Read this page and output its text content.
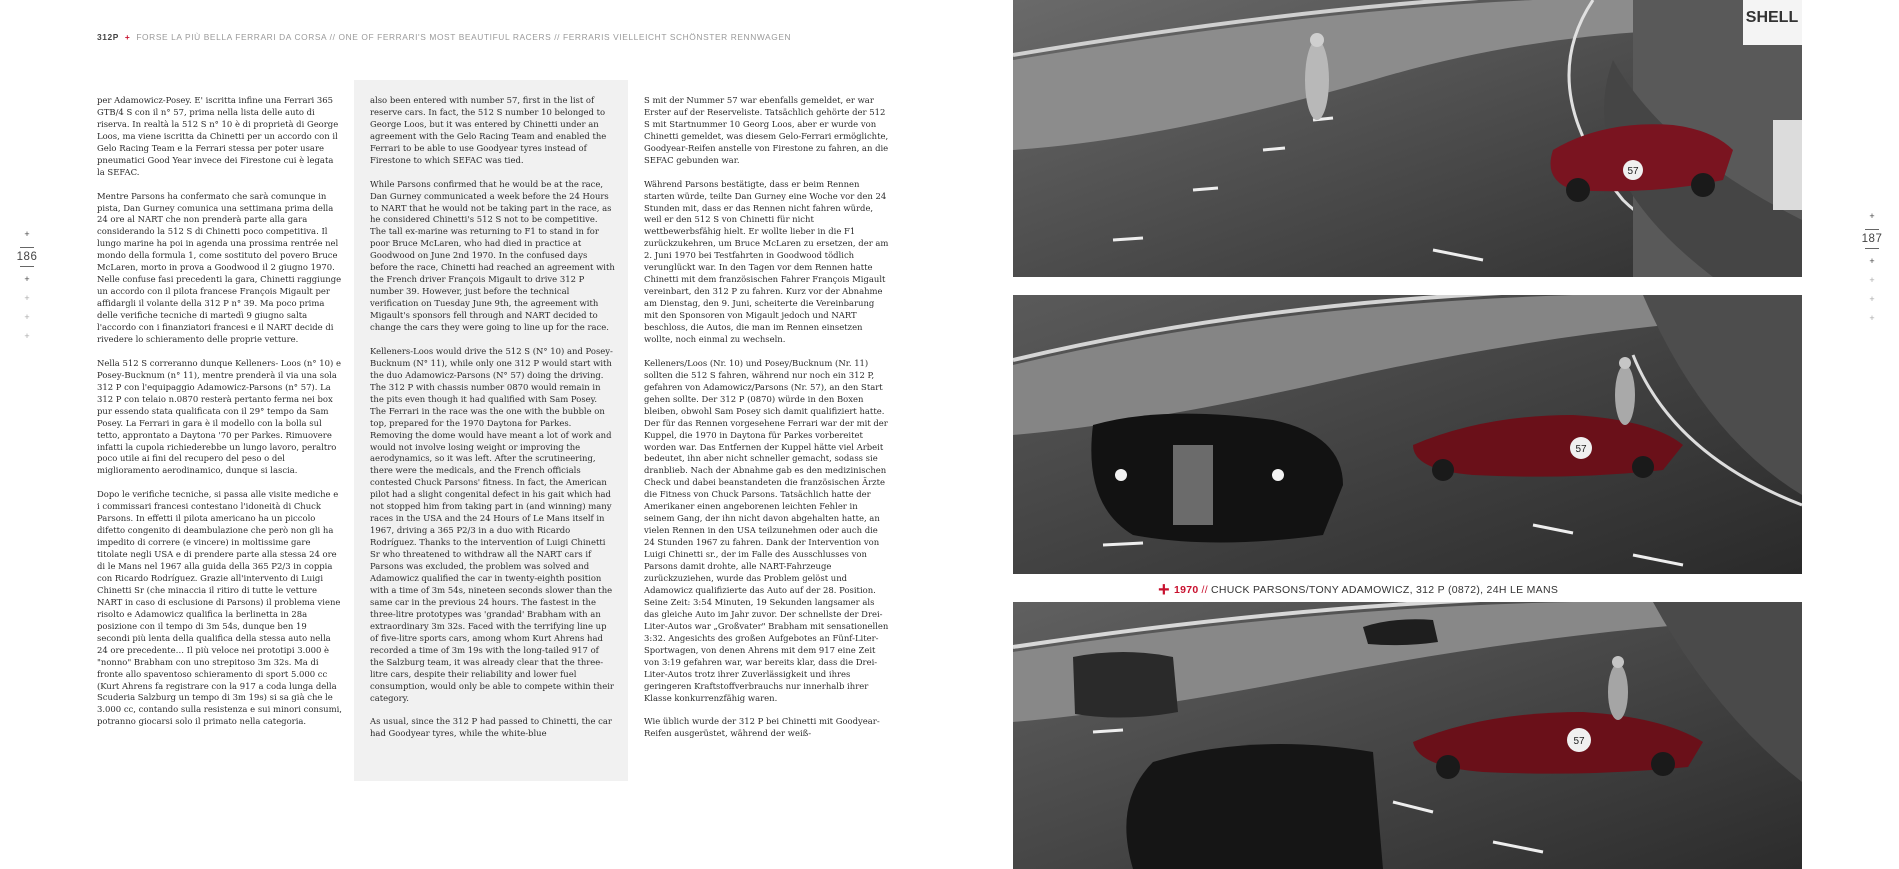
312P + FORSE LA PIÙ BELLA FERRARI DA CORSA // ONE OF FERRARI'S MOST BEAUTIFUL RACERS // FERRARIS VIELLEICHT SCHÖNSTER RENNWAGEN
+
186
+
+
+
+

per Adamowicz-Posey. E' iscritta infine una Ferrari 365 GTB/4 S con il n° 57, prima nella lista delle auto di riserva. In realtà la 512 S n° 10 è di proprietà di George Loos, ma viene iscritta da Chinetti per un accordo con il Gelo Racing Team e la Ferrari stessa per poter usare pneumatici Good Year invece dei Firestone cui è legata la SEFAC.

Mentre Parsons ha confermato che sarà comunque in pista, Dan Gurney comunica una settimana prima della 24 ore al NART che non prenderà parte alla gara considerando la 512 S di Chinetti poco competitiva. Il lungo marine ha poi in agenda una prossima rentrée nel mondo della formula 1, come sostituto del povero Bruce McLaren, morto in prova a Goodwood il 2 giugno 1970. Nelle confuse fasi precedenti la gara, Chinetti raggiunge un accordo con il pilota francese François Migault per affidargli il volante della 312 P n° 39. Ma poco prima delle verifiche tecniche di martedì 9 giugno salta l'accordo con i finanziatori francesi e il NART decide di rivedere lo schieramento delle proprie vetture.

Nella 512 S correranno dunque Kelleners- Loos (n° 10) e Posey-Bucknum (n° 11), mentre prenderà il via una sola 312 P con l'equipaggio Adamowicz-Parsons (n° 57). La 312 P con telaio n.0870 resterà pertanto ferma nei box pur essendo stata qualificata con il 29° tempo da Sam Posey. La Ferrari in gara è il modello con la bolla sul tetto, approntato a Daytona '70 per Parkes. Rimuovere infatti la cupola richiederebbe un lungo lavoro, peraltro poco utile ai fini del recupero del peso o del miglioramento aerodinamico, dunque si lascia.

Dopo le verifiche tecniche, si passa alle visite mediche e i commissari francesi contestano l'idoneità di Chuck Parsons. In effetti il pilota americano ha un piccolo difetto congenito di deambulazione che però non gli ha impedito di correre (e vincere) in moltissime gare titolate negli USA e di prendere parte alla stessa 24 ore di le Mans nel 1967 alla guida della 365 P2/3 in coppia con Ricardo Rodríguez. Grazie all'intervento di Luigi Chinetti Sr (che minaccia il ritiro di tutte le vetture NART in caso di esclusione di Parsons) il problema viene risolto e Adamowicz qualifica la berlinetta in 28a posizione con il tempo di 3m 54s, dunque ben 19 secondi più lenta della qualifica della stessa auto nella 24 ore precedente… Il più veloce nei prototipi 3.000 è "nonno" Brabham con uno strepitoso 3m 32s. Ma di fronte allo spaventoso schieramento di sport 5.000 cc (Kurt Ahrens fa registrare con la 917 a coda lunga della Scuderia Salzburg un tempo di 3m 19s) si sa già che le 3.000 cc, contando sulla resistenza e sui minori consumi, potranno giocarsi solo il primato nella categoria.

also been entered with number 57, first in the list of reserve cars. In fact, the 512 S number 10 belonged to George Loos, but it was entered by Chinetti under an agreement with the Gelo Racing Team and enabled the Ferrari to be able to use Goodyear tyres instead of Firestone to which SEFAC was tied.

While Parsons confirmed that he would be at the race, Dan Gurney communicated a week before the 24 Hours to NART that he would not be taking part in the race, as he considered Chinetti's 512 S not to be competitive. The tall ex-marine was returning to F1 to stand in for poor Bruce McLaren, who had died in practice at Goodwood on June 2nd 1970. In the confused days before the race, Chinetti had reached an agreement with the French driver François Migault to drive 312 P number 39. However, just before the technical verification on Tuesday June 9th, the agreement with Migault's sponsors fell through and NART decided to change the cars they were going to line up for the race.

Kelleners-Loos would drive the 512 S (N° 10) and Posey-Bucknum (N° 11), while only one 312 P would start with the duo Adamowicz-Parsons (N° 57) doing the driving. The 312 P with chassis number 0870 would remain in the pits even though it had qualified with Sam Posey. The Ferrari in the race was the one with the bubble on top, prepared for the 1970 Daytona for Parkes. Removing the dome would have meant a lot of work and would not involve losing weight or improving the aerodynamics, so it was left. After the scrutineering, there were the medicals, and the French officials contested Chuck Parsons' fitness. In fact, the American pilot had a slight congenital defect in his gait which had not stopped him from taking part in (and winning) many races in the USA and the 24 Hours of Le Mans itself in 1967, driving a 365 P2/3 in a duo with Ricardo Rodríguez. Thanks to the intervention of Luigi Chinetti Sr who threatened to withdraw all the NART cars if Parsons was excluded, the problem was solved and Adamowicz qualified the car in twenty-eighth position with a time of 3m 54s, nineteen seconds slower than the same car in the previous 24 hours. The fastest in the three-litre prototypes was 'grandad' Brabham with an extraordinary 3m 32s. Faced with the terrifying line up of five-litre sports cars, among whom Kurt Ahrens had recorded a time of 3m 19s with the long-tailed 917 of the Salzburg team, it was already clear that the three-litre cars, despite their reliability and lower fuel consumption, would only be able to compete within their category.

As usual, since the 312 P had passed to Chinetti, the car had Goodyear tyres, while the white-blue

S mit der Nummer 57 war ebenfalls gemeldet, er war Erster auf der Reserveliste. Tatsächlich gehörte der 512 S mit Startnummer 10 Georg Loos, aber er wurde von Chinetti gemeldet, was diesem Gelo-Ferrari ermöglichte, Goodyear-Reifen anstelle von Firestone zu fahren, an die SEFAC gebunden war.

Während Parsons bestätigte, dass er beim Rennen starten würde, teilte Dan Gurney eine Woche vor den 24 Stunden mit, dass er das Rennen nicht fahren würde, weil er den 512 S von Chinetti für nicht wettbewerbsfähig hielt. Er wollte lieber in die F1 zurückzukehren, um Bruce McLaren zu ersetzen, der am 2. Juni 1970 bei Testfahrten in Goodwood tödlich verunglückt war. In den Tagen vor dem Rennen hatte Chinetti mit dem französischen Fahrer François Migault vereinbart, den 312 P zu fahren. Kurz vor der Abnahme am Dienstag, den 9. Juni, scheiterte die Vereinbarung mit den Sponsoren von Migault jedoch und NART beschloss, die Autos, die man im Rennen einsetzen wollte, noch einmal zu wechseln.

Kelleners/Loos (Nr. 10) und Posey/Bucknum (Nr. 11) sollten die 512 S fahren, während nur noch ein 312 P, gefahren von Adamowicz/Parsons (Nr. 57), an den Start gehen sollte. Der 312 P (0870) würde in den Boxen bleiben, obwohl Sam Posey sich damit qualifiziert hatte. Der für das Rennen vorgesehene Ferrari war der mit der Kuppel, die 1970 in Daytona für Parkes vorbereitet worden war. Das Entfernen der Kuppel hätte viel Arbeit bedeutet, ihn aber nicht schneller gemacht, sodass sie dranblieb. Nach der Abnahme gab es den medizinischen Check und dabei beanstandeten die französischen Ärzte die Fitness von Chuck Parsons. Tatsächlich hatte der Amerikaner einen angeborenen leichten Fehler in seinem Gang, der ihn nicht davon abgehalten hatte, an vielen Rennen in den USA teilzunehmen oder auch die 24 Stunden 1967 zu fahren. Dank der Intervention von Luigi Chinetti sr., der im Falle des Ausschlusses von Parsons damit drohte, alle NART-Fahrzeuge zurückzuziehen, wurde das Problem gelöst und Adamowicz qualifizierte das Auto auf der 28. Position. Seine Zeit: 3:54 Minuten, 19 Sekunden langsamer als das gleiche Auto im Jahr zuvor. Der schnellste der Drei-Liter-Autos war „Großvater" Brabham mit sensationellen 3:32. Angesichts des großen Aufgebotes an Fünf-Liter-Sportwagen, von denen Ahrens mit dem 917 eine Zeit von 3:19 gefahren war, war bereits klar, dass die Drei-Liter-Autos trotz ihrer Zuverlässigkeit und ihres geringeren Kraftstoffverbrauchs nur innerhalb ihrer Klasse konkurrenzfähig waren.

Wie üblich wurde der 312 P bei Chinetti mit Goodyear-Reifen ausgerüstet, während der weiß-

57
SHELL
57
+ 1970 // CHUCK PARSONS/TONY ADAMOWICZ, 312 P (0872), 24H LE MANS
57
+
187
+
+
+
+
